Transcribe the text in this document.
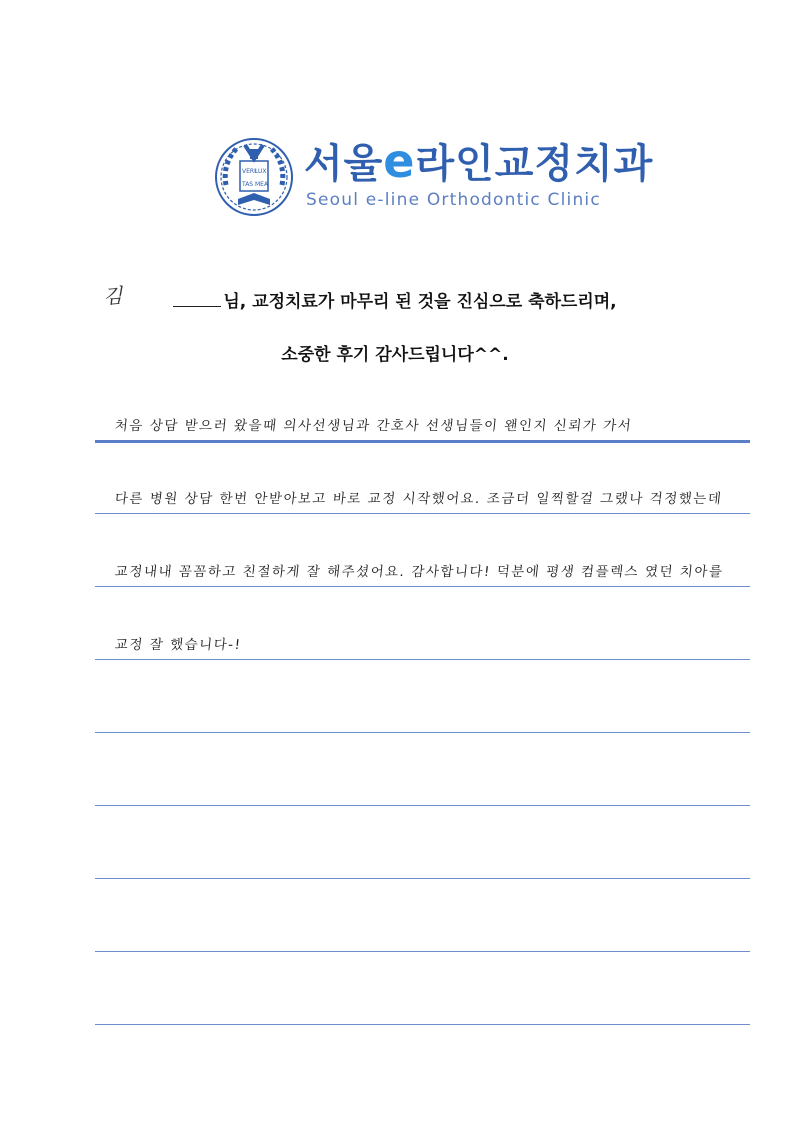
VERI LUX
TAS MEA 서울e라인교정치과
Seoul e-line Orthodontic Clinic
김	님, 교정치료가 마무리 된 것을 진심으로 축하드리며,
소중한 후기 감사드립니다^^.
처음 상담 받으러 왔을때 의사선생님과 간호사 선생님들이 왠인지 신뢰가 가서
다른 병원 상담 한번 안받아보고 바로 교정 시작했어요. 조금더 일찍할걸 그랬나 걱정했는데
교정내내 꼼꼼하고 친절하게 잘 해주셨어요. 감사합니다! 덕분에 평생 컴플렉스 였던 치아를
교정 잘 했습니다-!
